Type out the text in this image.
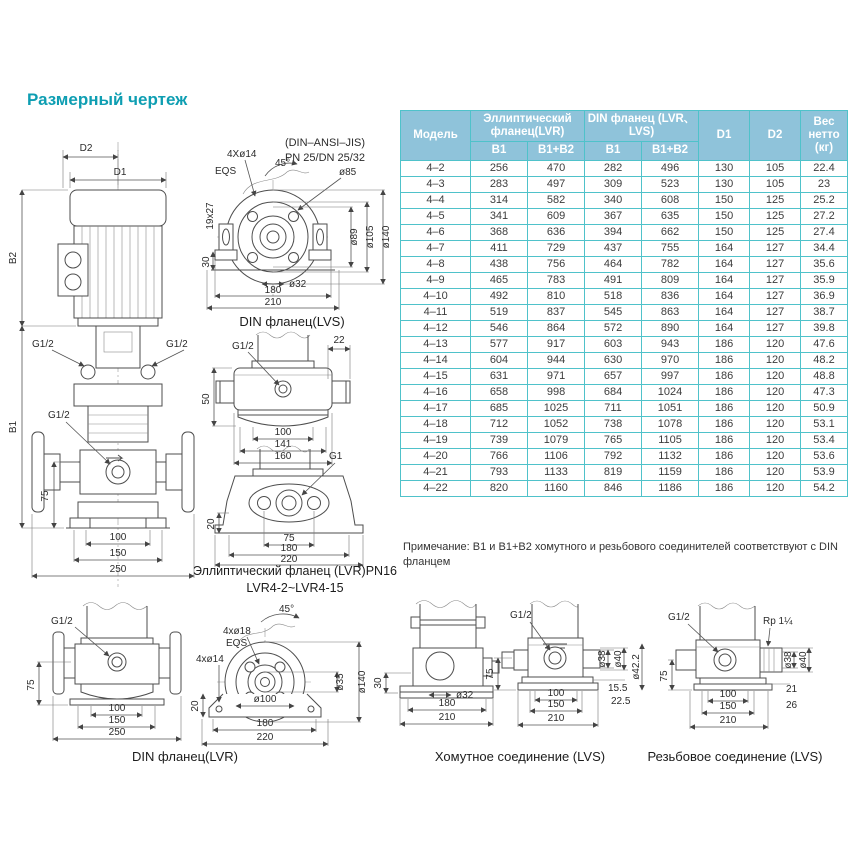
Размерный чертеж
Модель	Эллиптический фланец(LVR)		DIN фланец (LVR、LVS)		D1	D2	Вес нетто (кг)
	B1	B1+B2	B1	B1+B2			
4–2	256	470	282	496	130	105	22.4
4–3	283	497	309	523	130	105	23
4–4	314	582	340	608	150	125	25.2
4–5	341	609	367	635	150	125	27.2
4–6	368	636	394	662	150	125	27.4
4–7	411	729	437	755	164	127	34.4
4–8	438	756	464	782	164	127	35.6
4–9	465	783	491	809	164	127	35.9
4–10	492	810	518	836	164	127	36.9
4–11	519	837	545	863	164	127	38.7
4–12	546	864	572	890	164	127	39.8
4–13	577	917	603	943	186	120	47.6
4–14	604	944	630	970	186	120	48.2
4–15	631	971	657	997	186	120	48.8
4–16	658	998	684	1024	186	120	47.3
4–17	685	1025	711	1051	186	120	50.9
4–18	712	1052	738	1078	186	120	53.1
4–19	739	1079	765	1105	186	120	53.4
4–20	766	1106	792	1132	186	120	53.6
4–21	793	1133	819	1159	186	120	53.9
4–22	820	1160	846	1186	186	120	54.2
Примечание: B1 и B1+B2 хомутного и резьбового соединителей соответствуют с DIN фланцем
D2
D1
B2
B1
G1/2	G1/2
G1/2
75
100
150
250
(DIN–ANSI–JIS)
PN 25/DN 25/32
4Xø14
EQS
45°
ø85
19x27
30
ø89 ø105 ø140
ø32
180
210
DIN фланец(LVS)
G1/2
22
50
100
141
160	G1
20
75
180
220
Эллиптический фланец (LVR)PN16
LVR4-2~LVR4-15
G1/2
75
100
150
250
45°
4xø18
EQS
4xø14
20
ø100
180
220
ø35 ø140
DIN фланец(LVR)
30
ø32
180
210
G1/2
75
ø38 ø40 ø42.2
15.5
22.5
100
150
210
Хомутное соединение (LVS)
G1/2	Rp 1¼
75
ø38 ø40
21
26
100
150
210
Резьбовое соединение (LVS)
